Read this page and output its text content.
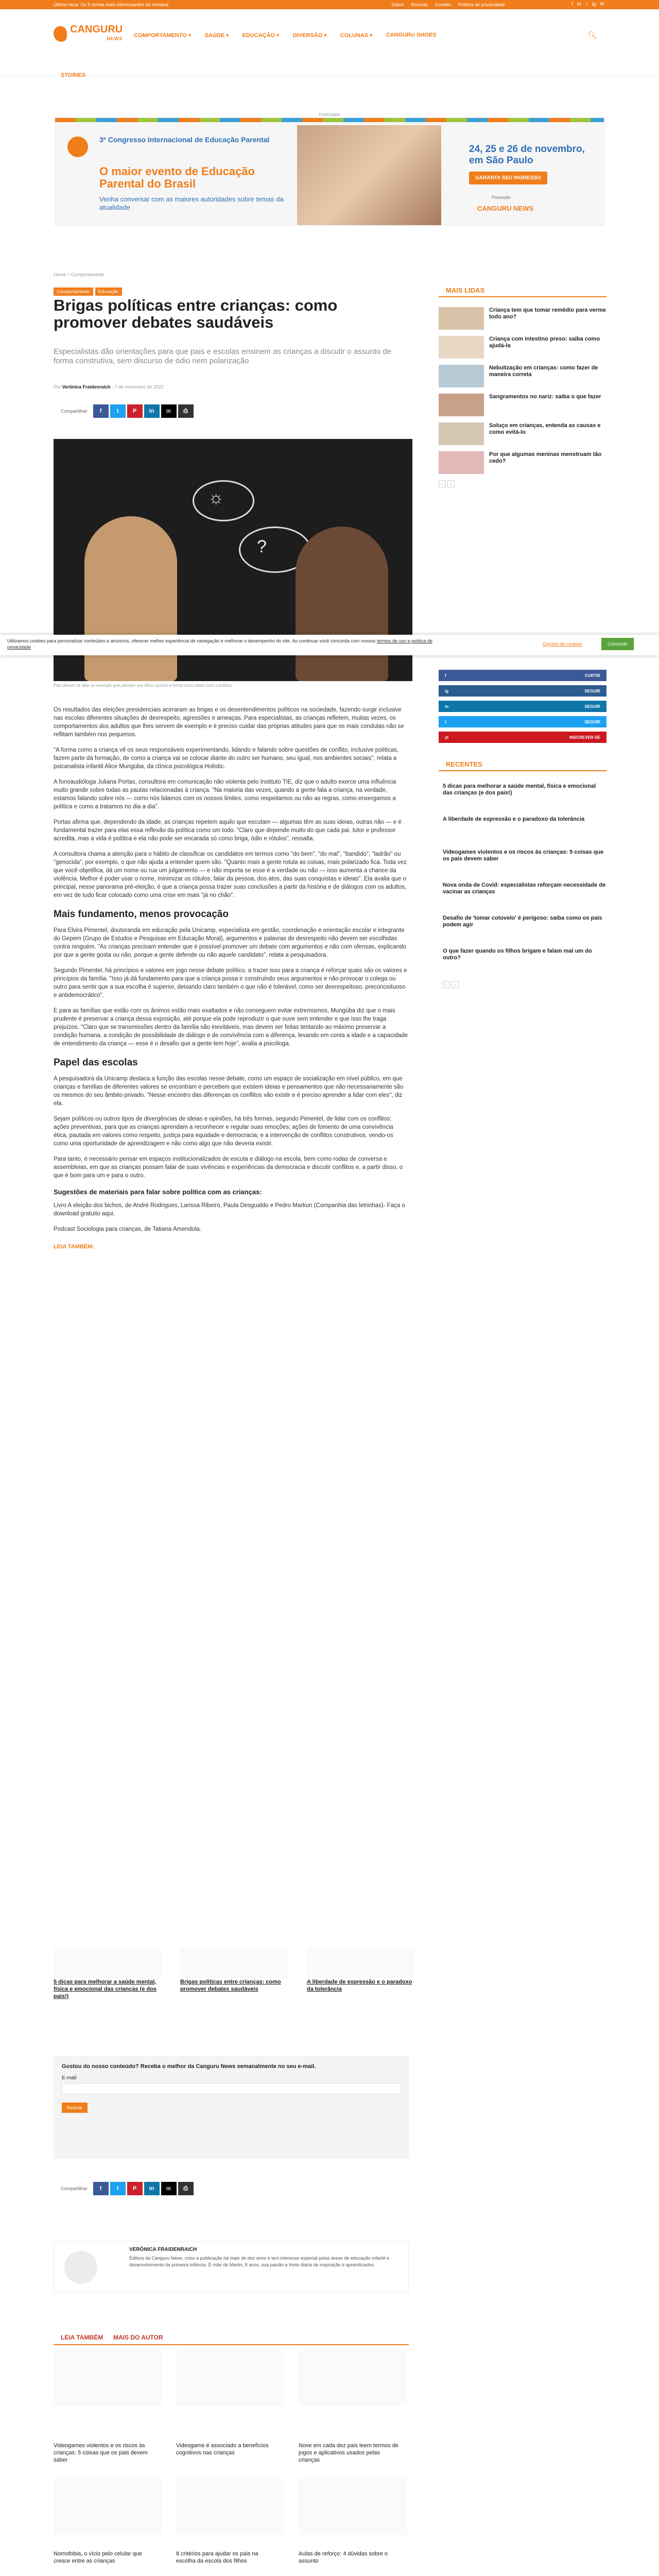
Última Hora: Os 5 temas mais interessantes da semana	Sobre Anuncie Contato Política de privacidade	f in ♪ ig ✉
CANGURU
NEWS COMPORTAMENTO ▾ SAÚDE ▾ EDUCAÇÃO ▾ DIVERSÃO ▾ COLUNAS ▾ CANGURU SHOES
STORIES
🔍︎
Publicidade
3º Congresso Internacional de Educação Parental
O maior evento de Educação Parental do Brasil
Venha conversar com as maiores autoridades sobre temas da atualidade
24, 25 e 26 de novembro, em São Paulo
GARANTA SEU INGRESSO
Promoção
CANGURU NEWS
Home > Comportamento
Comportamento	Educação
Brigas políticas entre crianças: como promover debates saudáveis
Especialistas dão orientações para que pais e escolas ensinem as crianças a discutir o assunto de forma construtiva, sem discurso de ódio nem polarização
Por Verônica Fraidenraich - 7 de novembro de 2022
Compartilhar	f	t	P	in	✉	⎙
☼
?
Pais devem se aliar ao exemplo que passam aos filhos quanto à forma como lidam com a política
Utilizamos cookies para personalizar conteúdos e anúncios, oferecer melhor experiência de navegação e melhorar o desempenho do site. Ao continuar você concorda com nossos termos de uso e política de privacidade
Opções de cookies	Concordo

Os resultados das eleições presidenciais acirraram as brigas e os desentendimentos políticos na sociedade, fazendo surgir inclusive nas escolas diferentes situações de desrespeito, agressões e ameaças. Para especialistas, as crianças refletem, muitas vezes, os comportamentos dos adultos que lhes servem de exemplo e é preciso cuidar das próprias atitudes para que os mais condutas não se reflitam também nos pequenos.

"A forma como a criança vê os seus responsáveis experimentando, lidando e falando sobre questões de conflito, inclusive políticas, fazem parte da formação, de como a criança vai se colocar diante do outro ser humano, seu igual, nos ambientes sociais", relata a psicanalista infantil Alice Mungúba, da clínica psicológica Holistic.

A fonoaudióloga Juliana Portas, consultora em comunicação não violenta pelo Instituto TIE, diz que o adulto exerce uma influência muito grande sobre todas as pautas relacionadas à criança. "Na maioria das vezes, quando a gente fala a criança, na verdade, estamos falando sobre nós — como nós lidamos com os nossos limites, como respeitamos ou não as regras, como enxergamos a política e como a tratamos no dia a dia".

Portas afirma que, dependendo da idade, as crianças repetem aquilo que escutam — algumas têm as suas ideias, outras não — e é fundamental trazer para elas essa reflexão da política como um todo. "Claro que depende muito do que cada pai, tutor e professor acredita, mas a vida é política e ela não pode ser encarada só como briga, ódio e rótulos", ressalta.

A consultora chama a atenção para o hábito de classificar os candidatos em termos como "do bem", "do mal", "bandido", "ladrão" ou "genocida", por exemplo, o que não ajuda a entender quem são. "Quanto mais a gente rotula as coisas, mais polarizado fica. Toda vez que você objetifica, dá um nome ou rua um julgamento — e não importa se esse é a verdade ou não — isso aumenta a chance da violência. Melhor é poder usar o nome, minimizar os rótulos, falar da pessoa, dos atos, das suas conquistas e ideias". Ela avalia que o principal, nesse panorama pré-eleição, é que a criança possa trazer suas conclusões a partir da história e de diálogos com os adultos, em vez de tudo ficar colocado como uma crise em mais "já no chão".

Mais fundamento, menos provocação

Para Elvira Pimentel, doutoranda em educação pela Unicamp, especialista em gestão, coordenação e orientação escolar e integrante do Gepem (Grupo de Estudos e Pesquisas em Educação Moral), argumentos e palavras de desrespeito não devem ser escolhidas contra ninguém. "As crianças precisam entender que é possível promover um debate com argumentos e não com ofensas, explicando por que a gente gosta ou não, porque a gente defende ou não aquele candidato", relata a pesquisadora.

Segundo Pimentel, há princípios e valores em jogo nesse debate político, a trazer isso para a criança é reforçar quais são os valores e princípios da família. "Isso já dá fundamento para que a criança possa ir construindo seus argumentos e não provocar o colega ou outro para sentir que a sua escolha é superior, deixando claro também o que não é tolerável, como ser desrespeitoso, preconceituoso e antidemocrático".

E para as famílias que estão com os ânimos estão mais exaltados e não conseguem evitar extremismos, Mungúba diz que o mais prudente é preservar a criança dessa exposição, até porque ela pode reproduzir o que ouve sem entender e que isso lhe traga prejuízos. "Claro que se transmissões dentro da família são inevitáveis, mas devem ser feitas tentando ao máximo preservar a condição humana, a condição de possibilidade de diálogo e de convivência com a diferença, levando em conta a idade e a capacidade de entendimento da criança — esse é o desafio que a gente tem hoje", avalia a psicóloga.

Papel das escolas

A pesquisadora da Unicamp destaca a função das escolas nesse debate, como um espaço de socialização em nível público, em que crianças e famílias de diferentes valores se encontram e percebem que existem ideias e pensamentos que não necessariamente são os mesmos do seu âmbito privado. "Nesse encontro das diferenças os conflitos vão existir e é preciso aprender a lidar com eles", diz ela.

Sejam políticos ou outros tipos de divergências de ideias e opiniões, há três formas, segundo Pimentel, de lidar com os conflitos: ações preventivas, para que as crianças aprendam a reconhecer e regular suas emoções; ações de fomento de uma convivência ética, pautada em valores como respeito, justiça para equidade e democracia; e a intervenção de conflitos construtivos, vendo-os como uma oportunidade de aprendizagem e não como algo que não deveria existir.

Para tanto, é necessário pensar em espaços institucionalizados de escuta e diálogo na escola, bem como rodas de conversa e assembleias, em que as crianças possam falar de suas vivências e experiências da democracia e discutir conflitos e, a partir disso, o que é bom para um e para o outro.

Sugestões de materiais para falar sobre política com as crianças:

Livro A eleição dos bichos, de André Rodrigues, Larissa Ribeiro, Paula Desgualdo e Pedro Markun (Companhia das letrinhas)- Faça o download gratuito aqui.

Podcast Sociologia para crianças, de Tatiana Amendola.

LEIA TAMBÉM:
5 dicas para melhorar a saúde mental, física e emocional das crianças (e dos pais!)
Brigas políticas entre crianças: como promover debates saudáveis
A liberdade de expressão e o paradoxo da tolerância
Gostou do nosso conteúdo? Receba o melhor da Canguru News semanalmente no seu e-mail.
E-mail
Assinar
Compartilhar	f	t	P	in	✉	⎙
VERÔNICA FRAIDENRAICH
Editora da Canguru News, criou a publicação há mais de dez anos e tem interesse especial pelas áreas de educação infantil e desenvolvimento da primeira infância. É mãe de Martin, 8 anos, sua paixão e fonte diária de inspiração e aprendizados.
LEIA TAMBÉM MAIS DO AUTOR
Videogames violentos e os riscos às crianças: 5 coisas que os pais devem saber
Videogame é associado a benefícios cognitivos nas crianças
Nove em cada dez pais leem termos de jogos e aplicativos usados pelas crianças
Nomofobia, o vício pelo celular que cresce entre as crianças
8 critérios para ajudar os pais na escolha da escola dos filhos
Aulas de reforço: 4 dúvidas sobre o assunto
MAIS LIDAS
Criança tem que tomar remédio para verme todo ano?
Criança com intestino preso: saiba como ajudá-la
Nebulização em crianças: como fazer de maneira correta
Sangramentos no nariz: saiba o que fazer
Soluço em crianças, entenda as causas e como evitá-lo
Por que algumas meninas menstruam tão cedo?
‹	›
f	CURTIR
ig	SEGUIR
in	SEGUIR
t	SEGUIR
yt	INSCREVER-SE
RECENTES
5 dicas para melhorar a saúde mental, física e emocional das crianças (e dos pais!)
A liberdade de expressão e o paradoxo da tolerância
Videogames violentos e os riscos às crianças: 5 coisas que os pais devem saber
Nova onda de Covid: especialistas reforçam necessidade de vacinar as crianças
Desafio de 'tomar cotovelo' é perigoso: saiba como os pais podem agir
O que fazer quando os filhos brigam e falam mal um do outro?
‹	›
